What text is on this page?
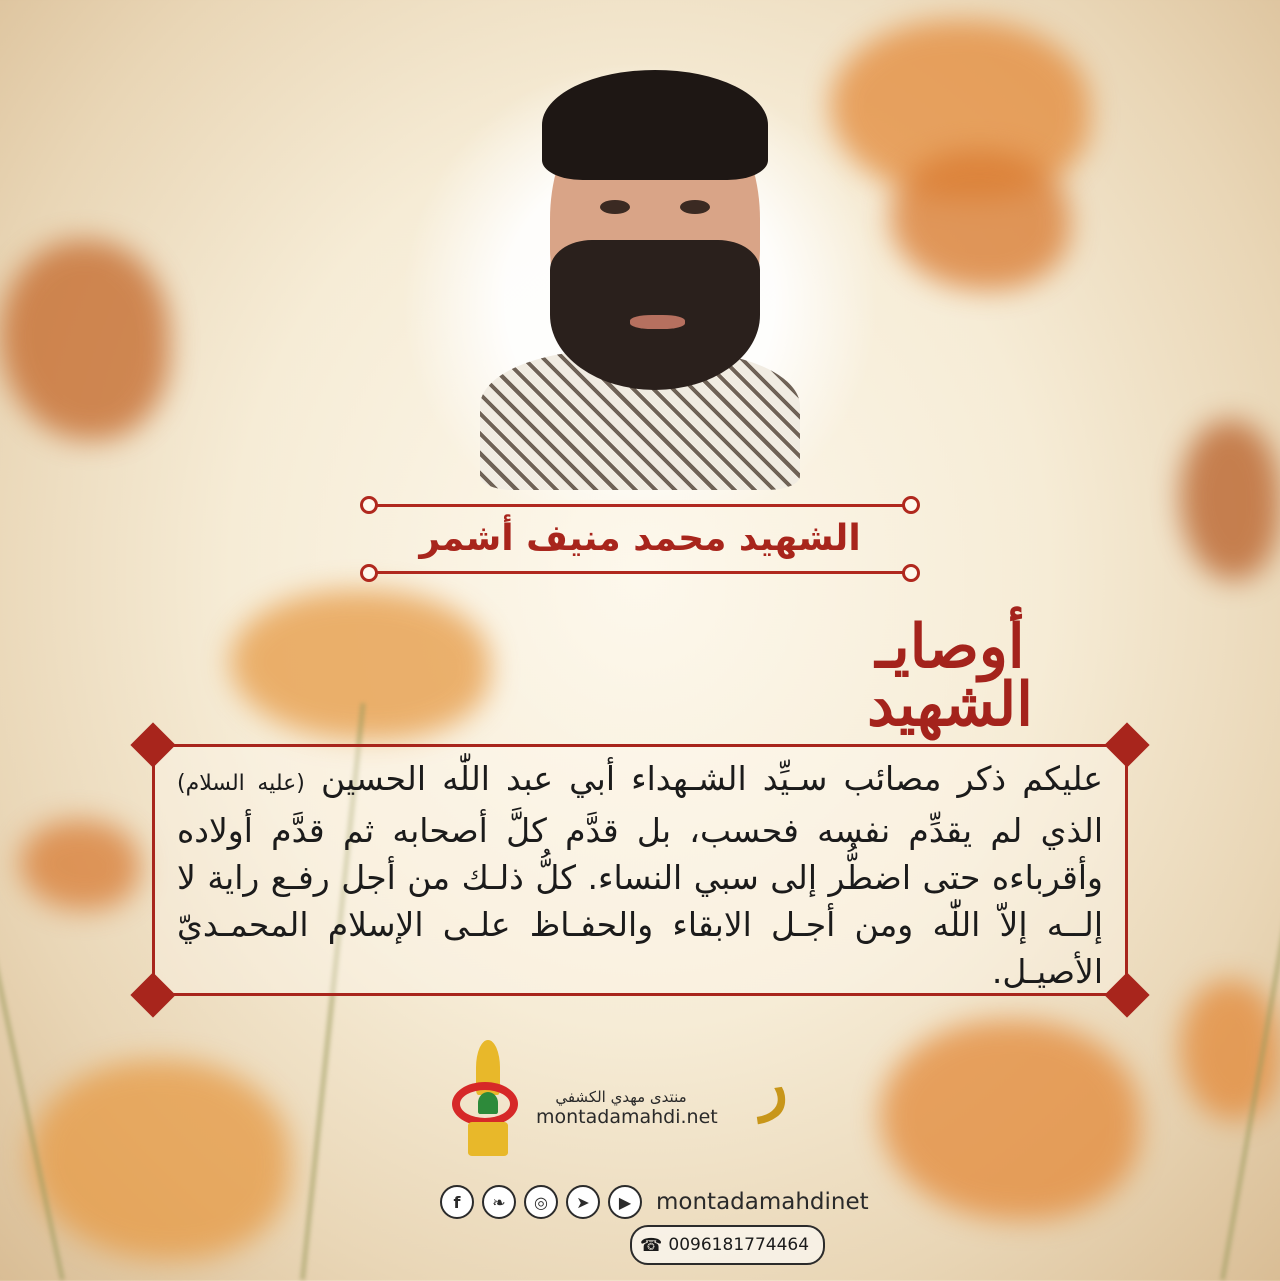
الشهيد محمد منيف أشمر
أوصايـ
الشهيد
عليكم ذكر مصائب سـيِّد الشـهداء أبي عبد اللّٰه الحسين (عليه السلام) الذي لم يقدِّم نفسه فحسب، بل قدَّم كلَّ أصحابه ثم قدَّم أولاده وأقرباءه حتى اضطُّر إلى سبي النساء. كلُّ ذلـك من أجل رفـع راية لا إلــه إلاّ اللّٰه ومن أجـل الابقاء والحفـاظ علـى الإسلام المحمـديّ الأصيـل.
منتدى مهدي الكشفي
montadamahdi.net ر
f	❧	◎	➤	▶	montadamahdinet
☎ 0096181774464
